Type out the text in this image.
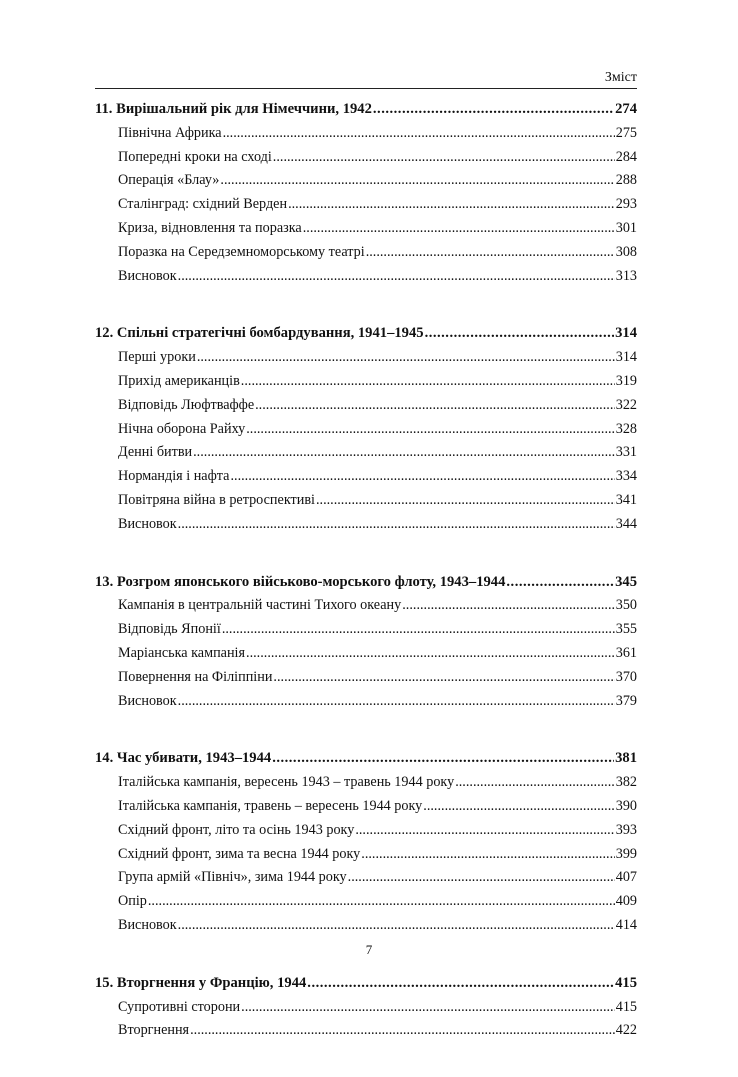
Зміст
11. Вирішальний рік для Німеччини, 1942 .....	274
Північна Африка .....	275
Попередні кроки на сході .....	284
Операція «Блау» .....	288
Сталінград: східний Верден .....	293
Криза, відновлення та поразка .....	301
Поразка на Середземноморському театрі .....	308
Висновок .....	313
12. Спільні стратегічні бомбардування, 1941–1945 .....	314
Перші уроки .....	314
Прихід американців .....	319
Відповідь Люфтваффе .....	322
Нічна оборона Райху .....	328
Денні битви .....	331
Нормандія і нафта .....	334
Повітряна війна в ретроспективі .....	341
Висновок .....	344
13. Розгром японського військово-морського флоту, 1943–1944 .....	345
Кампанія в центральній частині Тихого океану .....	350
Відповідь Японії .....	355
Маріанська кампанія .....	361
Повернення на Філіппіни .....	370
Висновок .....	379
14. Час убивати, 1943–1944 .....	381
Італійська кампанія, вересень 1943 – травень 1944 року .....	382
Італійська кампанія, травень – вересень 1944 року .....	390
Східний фронт, літо та осінь 1943 року .....	393
Східний фронт, зима та весна 1944 року .....	399
Група армій «Північ», зима 1944 року .....	407
Опір .....	409
Висновок .....	414
15. Вторгнення у Францію, 1944 .....	415
Супротивні сторони .....	415
Вторгнення .....	422
7
